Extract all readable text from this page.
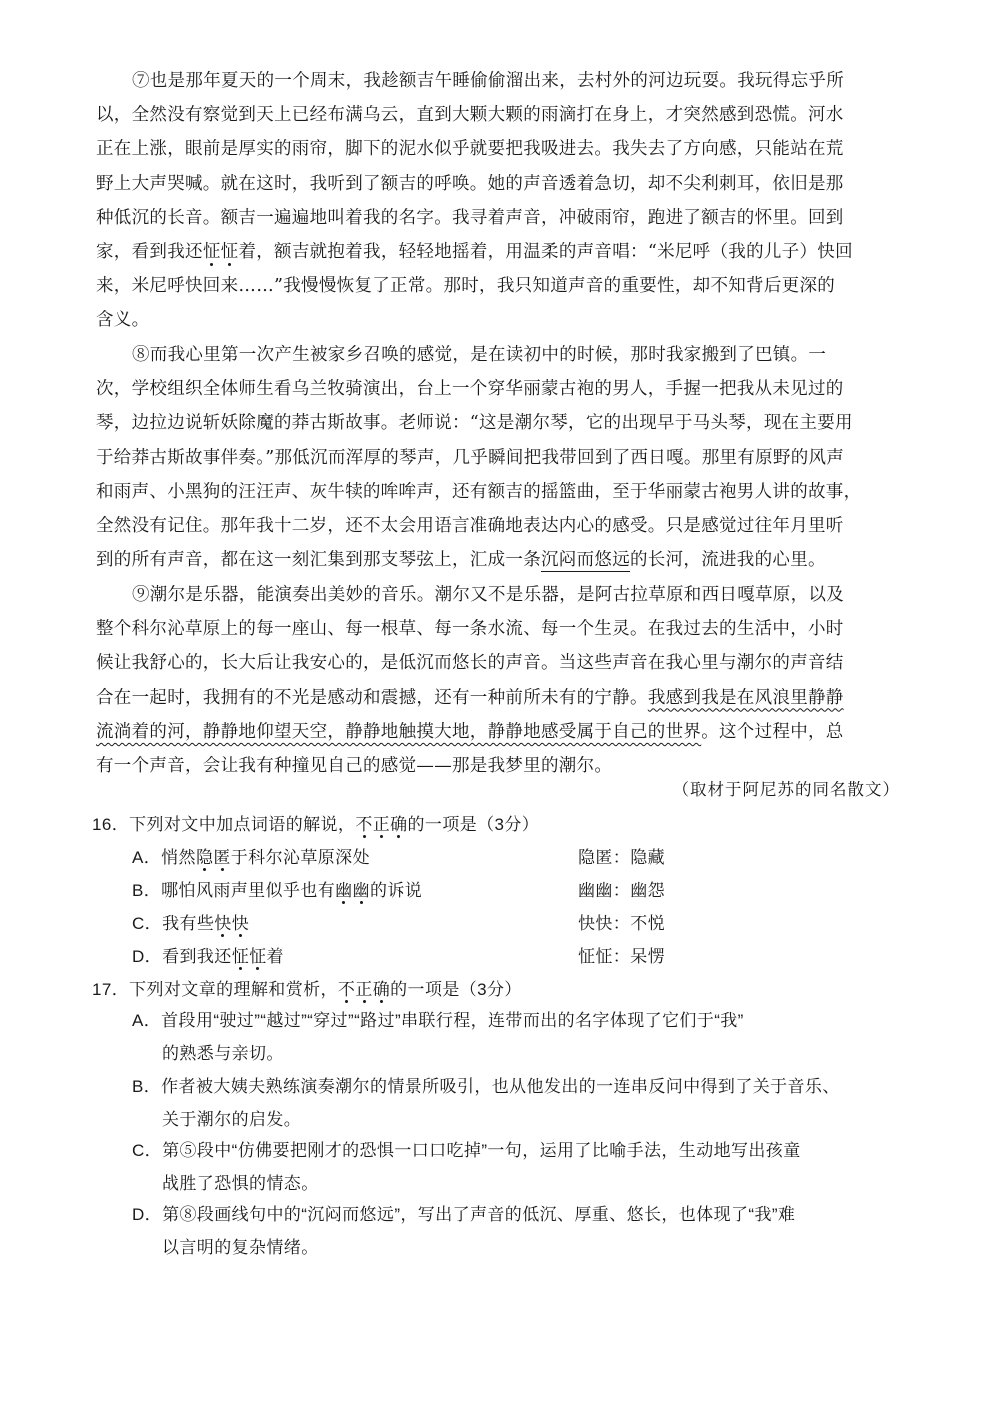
⑦也是那年夏天的一个周末，我趁额吉午睡偷偷溜出来，去村外的河边玩耍。我玩得忘乎所
以，全然没有察觉到天上已经布满乌云，直到大颗大颗的雨滴打在身上，才突然感到恐慌。河水
正在上涨，眼前是厚实的雨帘，脚下的泥水似乎就要把我吸进去。我失去了方向感，只能站在荒
野上大声哭喊。就在这时，我听到了额吉的呼唤。她的声音透着急切，却不尖利刺耳，依旧是那
种低沉的长音。额吉一遍遍地叫着我的名字。我寻着声音，冲破雨帘，跑进了额吉的怀里。回到
家，看到我还怔怔着，额吉就抱着我，轻轻地摇着，用温柔的声音唱：“米尼呼（我的儿子）快回
来，米尼呼快回来……”我慢慢恢复了正常。那时，我只知道声音的重要性，却不知背后更深的
含义。
⑧而我心里第一次产生被家乡召唤的感觉，是在读初中的时候，那时我家搬到了巴镇。一
次，学校组织全体师生看乌兰牧骑演出，台上一个穿华丽蒙古袍的男人，手握一把我从未见过的
琴，边拉边说斩妖除魔的莽古斯故事。老师说：“这是潮尔琴，它的出现早于马头琴，现在主要用
于给莽古斯故事伴奏。”那低沉而浑厚的琴声，几乎瞬间把我带回到了西日嘎。那里有原野的风声
和雨声、小黑狗的汪汪声、灰牛犊的哞哞声，还有额吉的摇篮曲，至于华丽蒙古袍男人讲的故事，
全然没有记住。那年我十二岁，还不太会用语言准确地表达内心的感受。只是感觉过往年月里听
到的所有声音，都在这一刻汇集到那支琴弦上，汇成一条沉闷而悠远的长河，流进我的心里。
⑨潮尔是乐器，能演奏出美妙的音乐。潮尔又不是乐器，是阿古拉草原和西日嘎草原，以及
整个科尔沁草原上的每一座山、每一根草、每一条水流、每一个生灵。在我过去的生活中，小时
候让我舒心的，长大后让我安心的，是低沉而悠长的声音。当这些声音在我心里与潮尔的声音结
合在一起时，我拥有的不光是感动和震撼，还有一种前所未有的宁静。我感到我是在风浪里静静
流淌着的河，静静地仰望天空，静静地触摸大地，静静地感受属于自己的世界。这个过程中，总
有一个声音，会让我有种撞见自己的感觉——那是我梦里的潮尔。
（取材于阿尼苏的同名散文）
16．下列对文中加点词语的解说，不正确的一项是（3分）
A．悄然隐匿于科尔沁草原深处	隐匿：隐藏
B．哪怕风雨声里似乎也有幽幽的诉说	幽幽：幽怨
C．我有些快快	快快：不悦
D．看到我还怔怔着	怔怔：呆愣
17．下列对文章的理解和赏析，不正确的一项是（3分）
A．首段用“驶过”“越过”“穿过”“路过”串联行程，连带而出的名字体现了它们于“我”
的熟悉与亲切。
B．作者被大姨夫熟练演奏潮尔的情景所吸引，也从他发出的一连串反问中得到了关于音乐、
关于潮尔的启发。
C．第⑤段中“仿佛要把刚才的恐惧一口口吃掉”一句，运用了比喻手法，生动地写出孩童
战胜了恐惧的情态。
D．第⑧段画线句中的“沉闷而悠远”，写出了声音的低沉、厚重、悠长，也体现了“我”难
以言明的复杂情绪。
